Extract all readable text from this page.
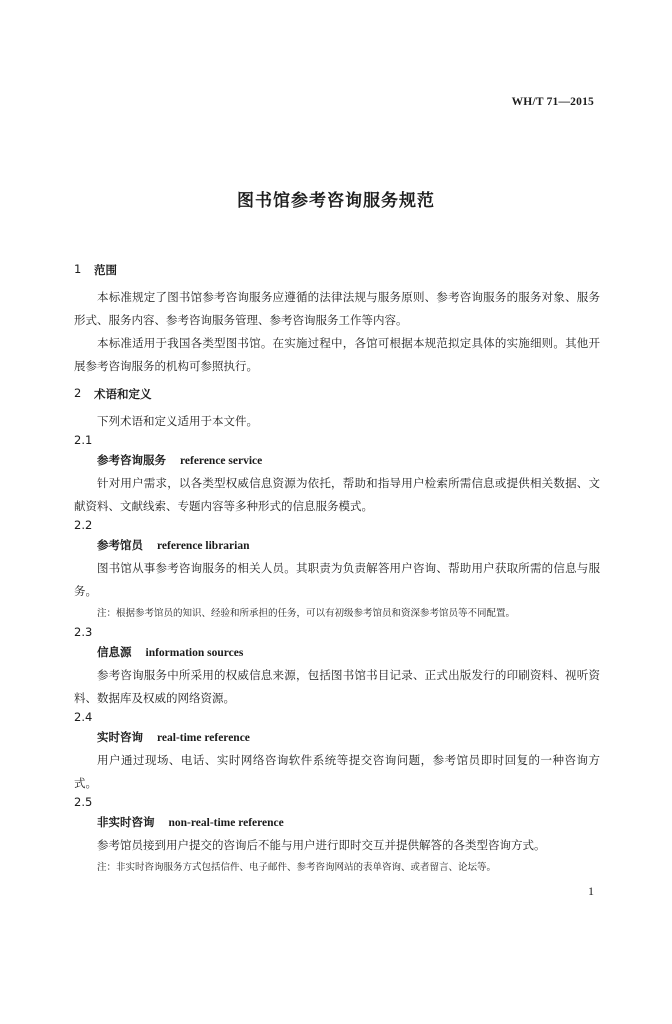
WH/T 71—2015
图书馆参考咨询服务规范
1	范围

本标准规定了图书馆参考咨询服务应遵循的法律法规与服务原则、参考咨询服务的服务对象、服务形式、服务内容、参考咨询服务管理、参考咨询服务工作等内容。

本标准适用于我国各类型图书馆。在实施过程中，各馆可根据本规范拟定具体的实施细则。其他开展参考咨询服务的机构可参照执行。

2	术语和定义

下列术语和定义适用于本文件。

2.1
参考咨询服务 reference service

针对用户需求，以各类型权威信息资源为依托，帮助和指导用户检索所需信息或提供相关数据、文献资料、文献线索、专题内容等多种形式的信息服务模式。

2.2
参考馆员 reference librarian

图书馆从事参考咨询服务的相关人员。其职责为负责解答用户咨询、帮助用户获取所需的信息与服务。

注：根据参考馆员的知识、经验和所承担的任务，可以有初级参考馆员和资深参考馆员等不同配置。

2.3
信息源 information sources

参考咨询服务中所采用的权威信息来源，包括图书馆书目记录、正式出版发行的印刷资料、视听资料、数据库及权威的网络资源。

2.4
实时咨询 real-time reference

用户通过现场、电话、实时网络咨询软件系统等提交咨询问题，参考馆员即时回复的一种咨询方式。

2.5
非实时咨询 non-real-time reference

参考馆员接到用户提交的咨询后不能与用户进行即时交互并提供解答的各类型咨询方式。

注：非实时咨询服务方式包括信件、电子邮件、参考咨询网站的表单咨询、或者留言、论坛等。

1
